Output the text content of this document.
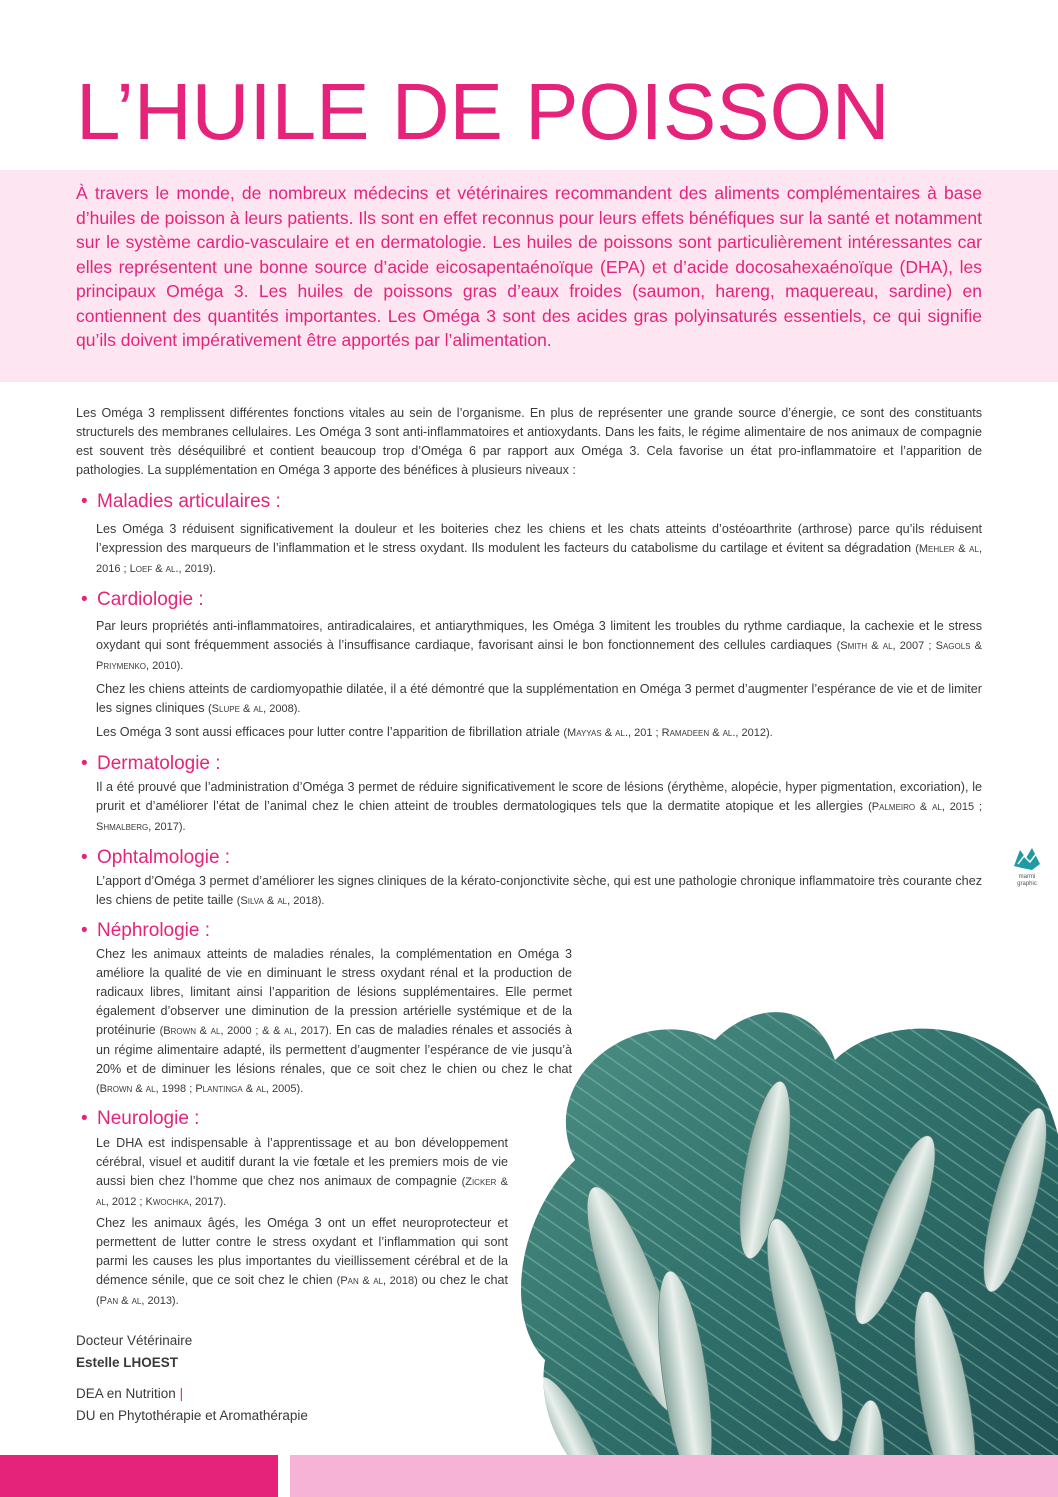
L’HUILE DE POISSON

À travers le monde, de nombreux médecins et vétérinaires recommandent des aliments complémentaires à base d’huiles de poisson à leurs patients. Ils sont en effet reconnus pour leurs effets bénéfiques sur la santé et notamment sur le système cardio-vasculaire et en dermatologie. Les huiles de poissons sont particulièrement intéressantes car elles représentent une bonne source d’acide eicosapentaénoïque (EPA) et d’acide docosahexaénoïque (DHA), les principaux Oméga 3. Les huiles de poissons gras d’eaux froides (saumon, hareng, maquereau, sardine) en contiennent des quantités importantes. Les Oméga 3 sont des acides gras polyinsaturés essentiels, ce qui signifie qu’ils doivent impérativement être apportés par l’alimentation.

Les Oméga 3 remplissent différentes fonctions vitales au sein de l’organisme. En plus de représenter une grande source d’énergie, ce sont des constituants structurels des membranes cellulaires. Les Oméga 3 sont anti-inflammatoires et antioxydants. Dans les faits, le régime alimentaire de nos animaux de compagnie est souvent très déséquilibré et contient beaucoup trop d’Oméga 6 par rapport aux Oméga 3. Cela favorise un état pro-inflammatoire et l’apparition de pathologies. La supplémentation en Oméga 3 apporte des bénéfices à plusieurs niveaux :

• Maladies articulaires :

Les Oméga 3 réduisent significativement la douleur et les boiteries chez les chiens et les chats atteints d’ostéoarthrite (arthrose) parce qu’ils réduisent l’expression des marqueurs de l’inflammation et le stress oxydant. Ils modulent les facteurs du catabolisme du cartilage et évitent sa dégradation (Mehler & al, 2016 ; Loef & al., 2019).

• Cardiologie :

Par leurs propriétés anti-inflammatoires, antiradicalaires, et antiarythmiques, les Oméga 3 limitent les troubles du rythme cardiaque, la cachexie et le stress oxydant qui sont fréquemment associés à l’insuffisance cardiaque, favorisant ainsi le bon fonctionnement des cellules cardiaques (Smith & al, 2007 ; Sagols & Priymenko, 2010).

Chez les chiens atteints de cardiomyopathie dilatée, il a été démontré que la supplémentation en Oméga 3 permet d’augmenter l’espérance de vie et de limiter les signes cliniques (Slupe & al, 2008).

Les Oméga 3 sont aussi efficaces pour lutter contre l’apparition de fibrillation atriale (Mayyas & al., 201 ; Ramadeen & al., 2012).

• Dermatologie :

Il a été prouvé que l’administration d’Oméga 3 permet de réduire significativement le score de lésions (érythème, alopécie, hyper pigmentation, excoriation), le prurit et d’améliorer l’état de l’animal chez le chien atteint de troubles dermatologiques tels que la dermatite atopique et les allergies (Palmeiro & al, 2015 ; Shmalberg, 2017).

• Ophtalmologie :

L’apport d’Oméga 3 permet d’améliorer les signes cliniques de la kérato-conjonctivite sèche, qui est une pathologie chronique inflammatoire très courante chez les chiens de petite taille (Silva & al, 2018).

• Néphrologie :

Chez les animaux atteints de maladies rénales, la complémentation en Oméga 3 améliore la qualité de vie en diminuant le stress oxydant rénal et la production de radicaux libres, limitant ainsi l’apparition de lésions supplémentaires. Elle permet également d’observer une diminution de la pression artérielle systémique et de la protéinurie (Brown & al, 2000 ; & & al, 2017). En cas de maladies rénales et associés à un régime alimentaire adapté, ils permettent d’augmenter l’espérance de vie jusqu’à 20% et de diminuer les lésions rénales, que ce soit chez le chien ou chez le chat (Brown & al, 1998 ; Plantinga & al, 2005).

• Neurologie :

Le DHA est indispensable à l’apprentissage et au bon développement cérébral, visuel et auditif durant la vie fœtale et les premiers mois de vie aussi bien chez l’homme que chez nos animaux de compagnie (Zicker & al, 2012 ; Kwochka, 2017).

Chez les animaux âgés, les Oméga 3 ont un effet neuroprotecteur et permettent de lutter contre le stress oxydant et l’inflammation qui sont parmi les causes les plus importantes du vieillissement cérébral et de la démence sénile, que ce soit chez le chien (Pan & al, 2018) ou chez le chat (Pan & al, 2013).

Docteur Vétérinaire

Estelle LHOEST

DEA en Nutrition |

DU en Phytothérapie et Aromathérapie

marmi
graphic
